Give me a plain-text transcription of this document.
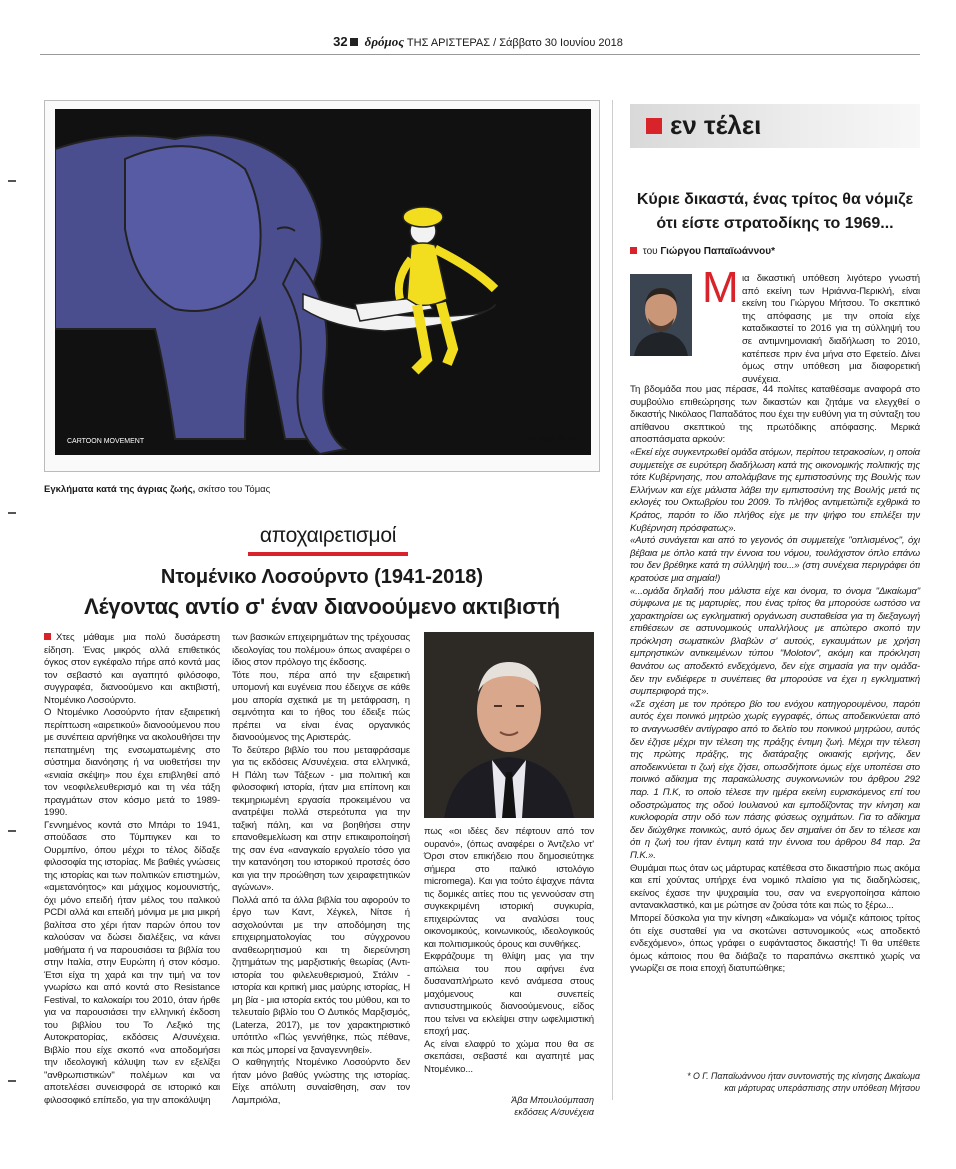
32 δρόμος ΤΗΣ ΑΡΙΣΤΕΡΑΣ / Σάββατο 30 Ιουνίου 2018
CARTOON MOVEMENT	TOMAS-15
Εγκλήματα κατά της άγριας ζωής, σκίτσο του Τόμας
αποχαιρετισμοί
Ντομένικο Λοσούρντο (1941-2018)
Λέγοντας αντίο σ' έναν διανοούμενο ακτιβιστή

Χτες μάθαμε μια πολύ δυσάρεστη είδηση. Ένας μικρός αλλά επιθετικός όγκος στον εγκέφαλο πήρε από κοντά μας τον σεβαστό και αγαπητό φιλόσοφο, συγγραφέα, διανοούμενο και ακτιβιστή, Ντομένικο Λοσούρντο.

Ο Ντομένικο Λοσούρντο ήταν εξαιρετική περίπτωση «αιρετικού» διανοούμενου που με συνέπεια αρνήθηκε να ακολουθήσει την πεπατημένη της ενσωματωμένης στο σύστημα διανόησης ή να υιοθετήσει την «ενιαία σκέψη» που έχει επιβληθεί από τον νεοφιλελευθερισμό και τη νέα τάξη πραγμάτων στον κόσμο μετά το 1989-1990.

Γεννημένος κοντά στο Μπάρι το 1941, σπούδασε στο Τύμπιγκεν και το Ουρμπίνο, όπου μέχρι το τέλος δίδαξε φιλοσοφία της ιστορίας. Με βαθιές γνώσεις της ιστορίας και των πολιτικών επιστημών, «αμετανόητος» και μάχιμος κομουνιστής, όχι μόνο επειδή ήταν μέλος του ιταλικού PCDI αλλά και επειδή μόνιμα με μια μικρή βαλίτσα στο χέρι ήταν παρών όπου τον καλούσαν να δώσει διαλέξεις, να κάνει μαθήματα ή να παρουσιάσει τα βιβλία του στην Ιταλία, στην Ευρώπη ή στον κόσμο. Έτσι είχα τη χαρά και την τιμή να τον γνωρίσω και από κοντά στο Resistance Festival, το καλοκαίρι του 2010, όταν ήρθε για να παρουσιάσει την ελληνική έκδοση του βιβλίου του Το Λεξικό της Αυτοκρατορίας, εκδόσεις Α/συνέχεια. Βιβλίο που είχε σκοπό «να αποδομήσει την ιδεολογική κάλυψη των εν εξελίξει "ανθρωπιστικών" πολέμων και να αποτελέσει συνεισφορά σε ιστορικό και φιλοσοφικό επίπεδο, για την αποκάλυψη

των βασικών επιχειρημάτων της τρέχουσας ιδεολογίας του πολέμου» όπως αναφέρει ο ίδιος στον πρόλογο της έκδοσης.

Τότε που, πέρα από την εξαιρετική υπομονή και ευγένεια που έδειχνε σε κάθε μου απορία σχετικά με τη μετάφραση, η σεμνότητα και το ήθος του έδειξε πώς πρέπει να είναι ένας οργανικός διανοούμενος της Αριστεράς.

Το δεύτερο βιβλίο του που μεταφράσαμε για τις εκδόσεις Α/συνέχεια. στα ελληνικά, Η Πάλη των Τάξεων - μια πολιτική και φιλοσοφική ιστορία, ήταν μια επίπονη και τεκμηριωμένη εργασία προκειμένου να ανατρέψει πολλά στερεότυπα για την ταξική πάλη, και να βοηθήσει στην επανοθεμελίωση και στην επικαιροποίησή της σαν ένα «αναγκαίο εργαλείο τόσο για την κατανόηση του ιστορικού προτσές όσο και για την προώθηση των χειραφετητικών αγώνων».

Πολλά από τα άλλα βιβλία του αφορούν το έργο των Καντ, Χέγκελ, Νίτσε ή ασχολούνται με την αποδόμηση της επιχειρηματολογίας του σύγχρονου αναθεωρητισμού και τη διερεύνηση ζητημάτων της μαρξιστικής θεωρίας (Αντι-ιστορία του φιλελευθερισμού, Στάλιν - ιστορία και κριτική μιας μαύρης ιστορίας, Η μη βία - μια ιστορία εκτός του μύθου, και το τελευταίο βιβλίο του Ο Δυτικός Μαρξισμός, (Laterza, 2017), με τον χαρακτηριστικό υπότιτλο «Πώς γεννήθηκε, πώς πέθανε, και πώς μπορεί να ξαναγεννηθεί».

Ο καθηγητής Ντομένικο Λοσούρντο δεν ήταν μόνο βαθύς γνώστης της ιστορίας. Είχε απόλυτη συναίσθηση, σαν τον Λαμπριόλα,

πως «οι ιδέες δεν πέφτουν από τον ουρανό», (όπως αναφέρει ο Άντζελο ντ' Όρσι στον επικήδειο που δημοσιεύτηκε σήμερα στο ιταλικό ιστολόγιο micromega). Και για τούτο έψαχνε πάντα τις δομικές αιτίες που τις γεννούσαν στη συγκεκριμένη ιστορική συγκυρία, επιχειρώντας να αναλύσει τους οικονομικούς, κοινωνικούς, ιδεολογικούς και πολιτισμικούς όρους και συνθήκες.

Εκφράζουμε τη θλίψη μας για την απώλεια του που αφήνει ένα δυσαναπλήρωτο κενό ανάμεσα στους μαχόμενους και συνεπείς αντισυστημικούς διανοούμενους, είδος που τείνει να εκλείψει στην ωφελιμιστική εποχή μας.

Ας είναι ελαφρύ το χώμα που θα σε σκεπάσει, σεβαστέ και αγαπητέ μας Ντομένικο...

Άβα Μπουλούμπαση
εκδόσεις Α/συνέχεια
εν τέλει
Κύριε δικαστά, ένας τρίτος θα νόμιζε ότι είστε στρατοδίκης το 1969...
του Γιώργου Παπαϊωάννου*
Μ ια δικαστική υπόθεση λιγότερο γνωστή από εκείνη των Ηριάννα-Περικλή, είναι εκείνη του Γιώργου Μήτσου. Το σκεπτικό της απόφασης με την οποία είχε καταδικαστεί το 2016 για τη σύλληψή του σε αντιμνημονιακή διαδήλωση το 2010, κατέπεσε πριν ένα μήνα στο Εφετείο. Δίνει όμως στην υπόθεση μια διαφορετική συνέχεια.

Τη βδομάδα που μας πέρασε, 44 πολίτες καταθέσαμε αναφορά στο συμβούλιο επιθεώρησης των δικαστών και ζητάμε να ελεγχθεί ο δικαστής Νικόλαος Παπαδάτος που έχει την ευθύνη για τη σύνταξη του απίθανου σκεπτικού της πρωτόδικης απόφασης. Μερικά αποσπάσματα αρκούν:

«Εκεί είχε συγκεντρωθεί ομάδα ατόμων, περίπου τετρακοσίων, η οποία συμμετείχε σε ευρύτερη διαδήλωση κατά της οικονομικής πολιτικής της τότε Κυβέρνησης, που απολάμβανε της εμπιστοσύνης της Βουλής των Ελλήνων και είχε μάλιστα λάβει την εμπιστοσύνη της Βουλής μετά τις εκλογές του Οκτωβρίου του 2009. Το πλήθος αντιμετώπιζε εχθρικά το Κράτος, παρότι το ίδιο πλήθος είχε με την ψήφο του επιλέξει την Κυβέρνηση πρόσφατως».

«Αυτό συνάγεται και από το γεγονός ότι συμμετείχε "οπλισμένος", όχι βέβαια με όπλο κατά την έννοια του νόμου, τουλάχιστον όπλο επάνω του δεν βρέθηκε κατά τη σύλληψή του...» (στη συνέχεια περιγράφει ότι κρατούσε μια σημαία!)

«...ομάδα δηλαδή που μάλιστα είχε και όνομα, το όνομα "Δικαίωμα" σύμφωνα με τις μαρτυρίες, που ένας τρίτος θα μπορούσε ωστόσο να χαρακτηρίσει ως εγκληματική οργάνωση συσταθείσα για τη διεξαγωγή επιθέσεων σε αστυνομικούς υπαλλήλους με απώτερο σκοπό την πρόκληση σωματικών βλαβών σ' αυτούς, εγκαυμάτων με χρήση εμπρηστικών αντικειμένων τύπου "Molotov", ακόμη και πρόκληση θανάτου ως αποδεκτό ενδεχόμενο, δεν είχε σημασία για την ομάδα- δεν την ενδιέφερε τι συνέπειες θα μπορούσε να έχει η εγκληματική συμπεριφορά της».

«Σε σχέση με τον πρότερο βίο του ενόχου κατηγορουμένου, παρότι αυτός έχει ποινικό μητρώο χωρίς εγγραφές, όπως αποδεικνύεται από το αναγνωσθέν αντίγραφο από το δελτίο του ποινικού μητρώου, αυτός δεν έζησε μέχρι την τέλεση της πράξης έντιμη ζωή. Μέχρι την τέλεση της πρώτης πράξης, της διατάραξης οικιακής ειρήνης, δεν αποδεικνύεται τι ζωή είχε ζήσει, οπωσδήποτε όμως είχε υποπέσει στο ποινικό αδίκημα της παρακώλυσης συγκοινωνιών του άρθρου 292 παρ. 1 Π.Κ, το οποίο τέλεσε την ημέρα εκείνη ευρισκόμενος επί του οδοστρώματος της οδού Ιουλιανού και εμποδίζοντας την κίνηση και κυκλοφορία στην οδό των πάσης φύσεως οχημάτων. Για το αδίκημα δεν διώχθηκε ποινικώς, αυτό όμως δεν σημαίνει ότι δεν το τέλεσε και ότι η ζωή του ήταν έντιμη κατά την έννοια του άρθρου 84 παρ. 2α Π.Κ.».

Θυμάμαι πως όταν ως μάρτυρας κατέθεσα στο δικαστήριο πως ακόμα και επί χούντας υπήρχε ένα νομικό πλαίσιο για τις διαδηλώσεις, εκείνος έχασε την ψυχραιμία του, σαν να ενεργοποίησα κάποιο αντανακλαστικό, και με ρώτησε αν ζούσα τότε και πώς το ξέρω...

Μπορεί δύσκολα για την κίνηση «Δικαίωμα» να νόμιζε κάποιος τρίτος ότι είχε συσταθεί για να σκοτώνει αστυνομικούς «ως αποδεκτό ενδεχόμενο», όπως γράφει ο ευφάνταστος δικαστής! Τι θα υπέθετε όμως κάποιος που θα διάβαζε το παραπάνω σκεπτικό χωρίς να γνωρίζει σε ποια εποχή διατυπώθηκε;

* Ο Γ. Παπαϊωάννου ήταν συντονιστής της κίνησης Δικαίωμα
και μάρτυρας υπεράσπισης στην υπόθεση Μήτσου
